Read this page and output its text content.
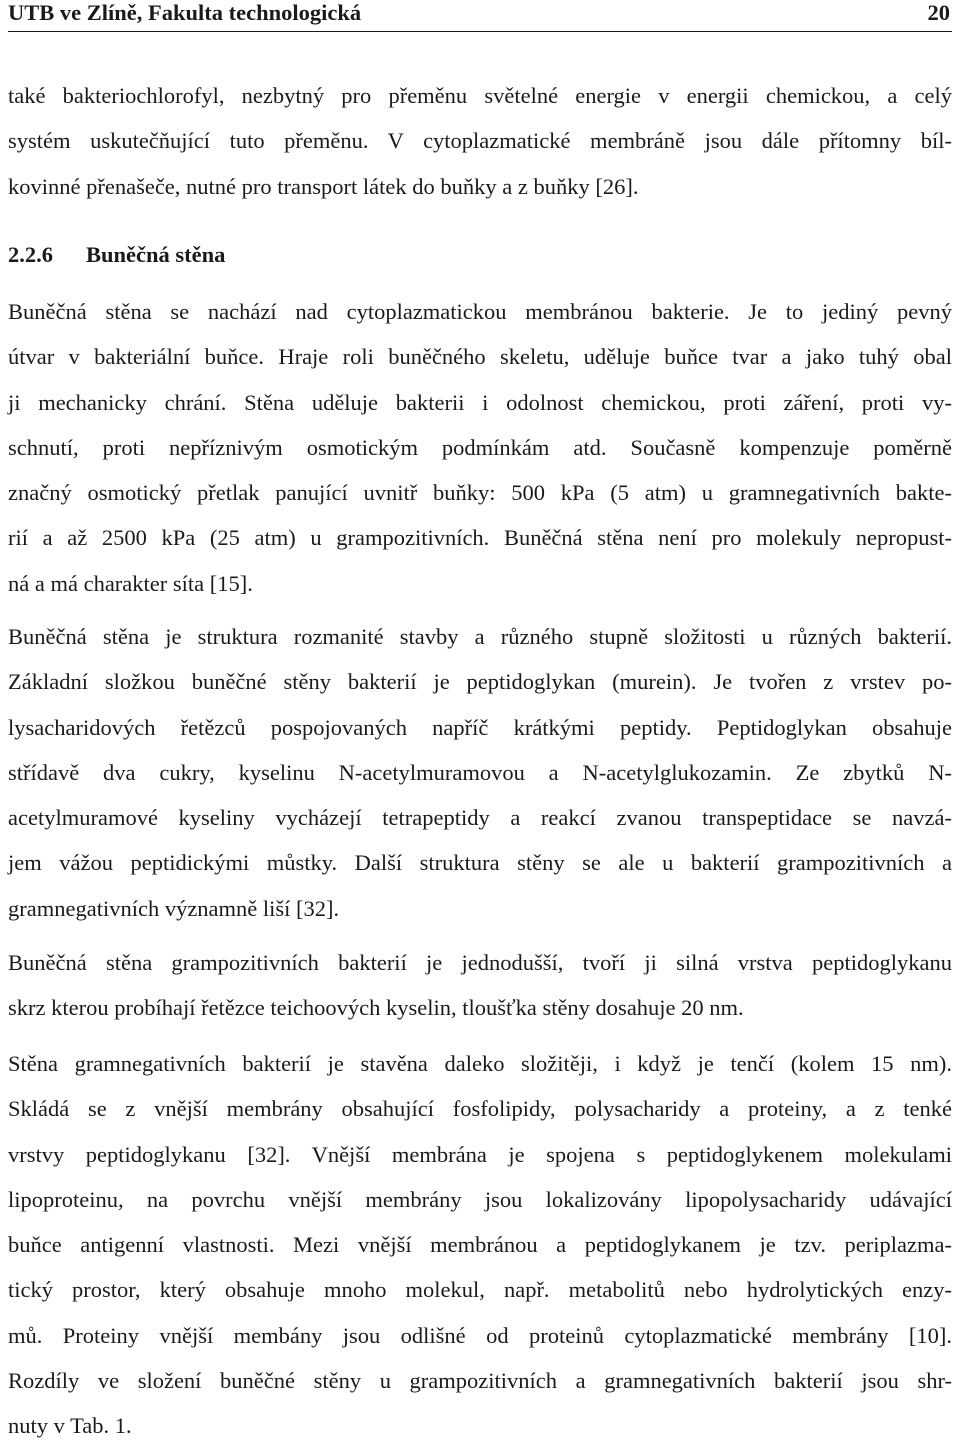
UTB ve Zlíně, Fakulta technologická	20
také bakteriochlorofyl, nezbytný pro přeměnu světelné energie v energii chemickou, a celý
systém uskutečňující tuto přeměnu. V cytoplazmatické membráně jsou dále přítomny bíl-
kovinné přenašeče, nutné pro transport látek do buňky a z buňky [26].
2.2.6 Buněčná stěna
Buněčná stěna se nachází nad cytoplazmatickou membránou bakterie. Je to jediný pevný
útvar v bakteriální buňce. Hraje roli buněčného skeletu, uděluje buňce tvar a jako tuhý obal
ji mechanicky chrání. Stěna uděluje bakterii i odolnost chemickou, proti záření, proti vy-
schnutí, proti nepříznivým osmotickým podmínkám atd. Současně kompenzuje poměrně
značný osmotický přetlak panující uvnitř buňky: 500 kPa (5 atm) u gramnegativních bakte-
rií a až 2500 kPa (25 atm) u grampozitivních. Buněčná stěna není pro molekuly nepropust-
ná a má charakter síta [15].
Buněčná stěna je struktura rozmanité stavby a různého stupně složitosti u různých bakterií.
Základní složkou buněčné stěny bakterií je peptidoglykan (murein). Je tvořen z vrstev po-
lysacharidových řetězců pospojovaných napříč krátkými peptidy. Peptidoglykan obsahuje
střídavě dva cukry, kyselinu N-acetylmuramovou a N-acetylglukozamin. Ze zbytků N-
acetylmuramové kyseliny vycházejí tetrapeptidy a reakcí zvanou transpeptidace se navzá-
jem vážou peptidickými můstky. Další struktura stěny se ale u bakterií grampozitivních a
gramnegativních významně liší [32].
Buněčná stěna grampozitivních bakterií je jednodušší, tvoří ji silná vrstva peptidoglykanu
skrz kterou probíhají řetězce teichoových kyselin, tloušťka stěny dosahuje 20 nm.
Stěna gramnegativních bakterií je stavěna daleko složitěji, i když je tenčí (kolem 15 nm).
Skládá se z vnější membrány obsahující fosfolipidy, polysacharidy a proteiny, a z tenké
vrstvy peptidoglykanu [32]. Vnější membrána je spojena s peptidoglykenem molekulami
lipoproteinu, na povrchu vnější membrány jsou lokalizovány lipopolysacharidy udávající
buňce antigenní vlastnosti. Mezi vnější membránou a peptidoglykanem je tzv. periplazma-
tický prostor, který obsahuje mnoho molekul, např. metabolitů nebo hydrolytických enzy-
mů. Proteiny vnější membány jsou odlišné od proteinů cytoplazmatické membrány [10].
Rozdíly ve složení buněčné stěny u grampozitivních a gramnegativních bakterií jsou shr-
nuty v Tab. 1.
